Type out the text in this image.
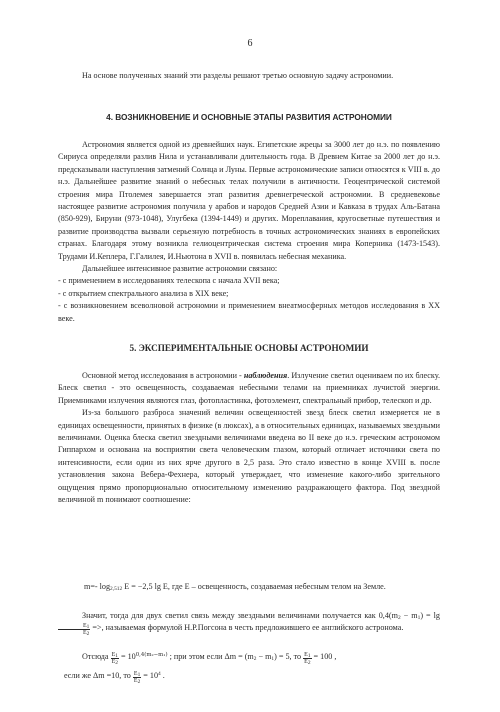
6

На основе полученных знаний эти разделы решают третью основную задачу астрономии.

4. ВОЗНИКНОВЕНИЕ И ОСНОВНЫЕ ЭТАПЫ РАЗВИТИЯ АСТРОНОМИИ

Астрономия является одной из древнейших наук. Египетские жрецы за 3000 лет до н.э. по появлению Сириуса определяли разлив Нила и устанавливали длительность года. В Древнем Китае за 2000 лет до н.э. предсказывали наступления затмений Солнца и Луны. Первые астрономические записи относятся к VIII в. до н.э. Дальнейшее развитие знаний о небесных телах получили в античности. Геоцентрической системой строения мира Птолемея завершается этап развития древнегреческой астрономии. В средневековье настоящее развитие астрономия получила у арабов и народов Средней Азии и Кавказа в трудах Аль-Батана (850-929), Бируни (973-1048), Улугбека (1394-1449) и других. Мореплавания, кругосветные путешествия и развитие производства вызвали серьезную потребность в точных астрономических знаниях в европейских странах. Благодаря этому возникла гелиоцентрическая система строения мира Коперника (1473-1543). Трудами И.Кеплера, Г.Галилея, И.Ньютона в XVII в. появилась небесная механика.

Дальнейшее интенсивное развитие астрономии связано:

- с применением в исследованиях телескопа с начала XVII века;

- с открытием спектрального анализа в XIX веке;

- с возникновением всеволновой астрономии и применением внеатмосферных методов исследования в XX веке.

5. ЭКСПЕРИМЕНТАЛЬНЫЕ ОСНОВЫ АСТРОНОМИИ

Основной метод исследования в астрономии - наблюдения. Излучение светил оцениваем по их блеску. Блеск светил - это освещенность, создаваемая небесными телами на приемниках лучистой энергии. Приемниками излучения являются глаз, фотопластинка, фотоэлемент, спектральный прибор, телескоп и др.

Из-за большого разброса значений величин освещенностей звезд блеск светил измеряется не в единицах освещенности, принятых в физике (в люксах), а в относительных единицах, называемых звездными величинами. Оценка блеска светил звездными величинами введена во II веке до н.э. греческим астрономом Гиппархом и основана на восприятии света человеческим глазом, который отличает источники света по интенсивности, если один из них ярче другого в 2,5 раза. Это стало известно в конце XVIII в. после установления закона Вебера-Фехнера, который утверждает, что изменение какого-либо зрительного ощущения прямо пропорционально относительному изменению раздражающего фактора. Под звездной величиной m понимают соотношение:

m=- $\log_{2,512} E = -2,5$ lg E, где E – освещенность, создаваемая небесным телом на Земле.

Значит, тогда для двух светил связь между звездными величинами получается как $0,4(m_2 - m_1) = \lg$
$\frac{E_1}{E_2}$ =>, называемая формулой Н.Р.Погсона в честь предложившего ее английского астронома.

Отсюда $\frac{E_1}{E_2} = 10^{0,4(m_2-m_1)}$ ; при этом если $\Delta m = (m_2 - m_1) = 5$, то $\frac{E_1}{E_2} = 100$ ,
если же Δm =10, то $\frac{E_1}{E_2} = 10^4$ .
